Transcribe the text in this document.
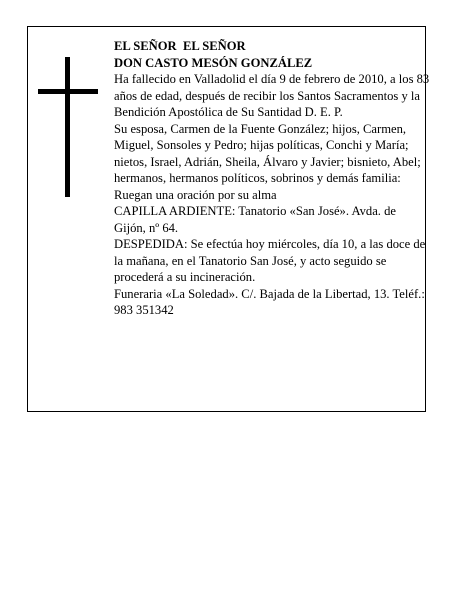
EL SEÑOR  EL SEÑOR

DON CASTO MESÓN GONZÁLEZ

Ha fallecido en Valladolid el día 9 de febrero de 2010, a los 83 años de edad, después de recibir los Santos Sacramentos y la Bendición Apostólica de Su Santidad D. E. P.

Su esposa, Carmen de la Fuente González; hijos, Carmen, Miguel, Sonsoles y Pedro; hijas políticas, Conchi y María; nietos, Israel, Adrián, Sheila, Álvaro y Javier; bisnieto, Abel; hermanos, hermanos políticos, sobrinos y demás familia:

Ruegan una oración por su alma

CAPILLA ARDIENTE: Tanatorio «San José». Avda. de Gijón, nº 64.

DESPEDIDA: Se efectúa hoy miércoles, día 10, a las doce de la mañana, en el Tanatorio San José, y acto seguido se procederá a su incineración.

Funeraria «La Soledad». C/. Bajada de la Libertad, 13. Teléf.: 983 351342
